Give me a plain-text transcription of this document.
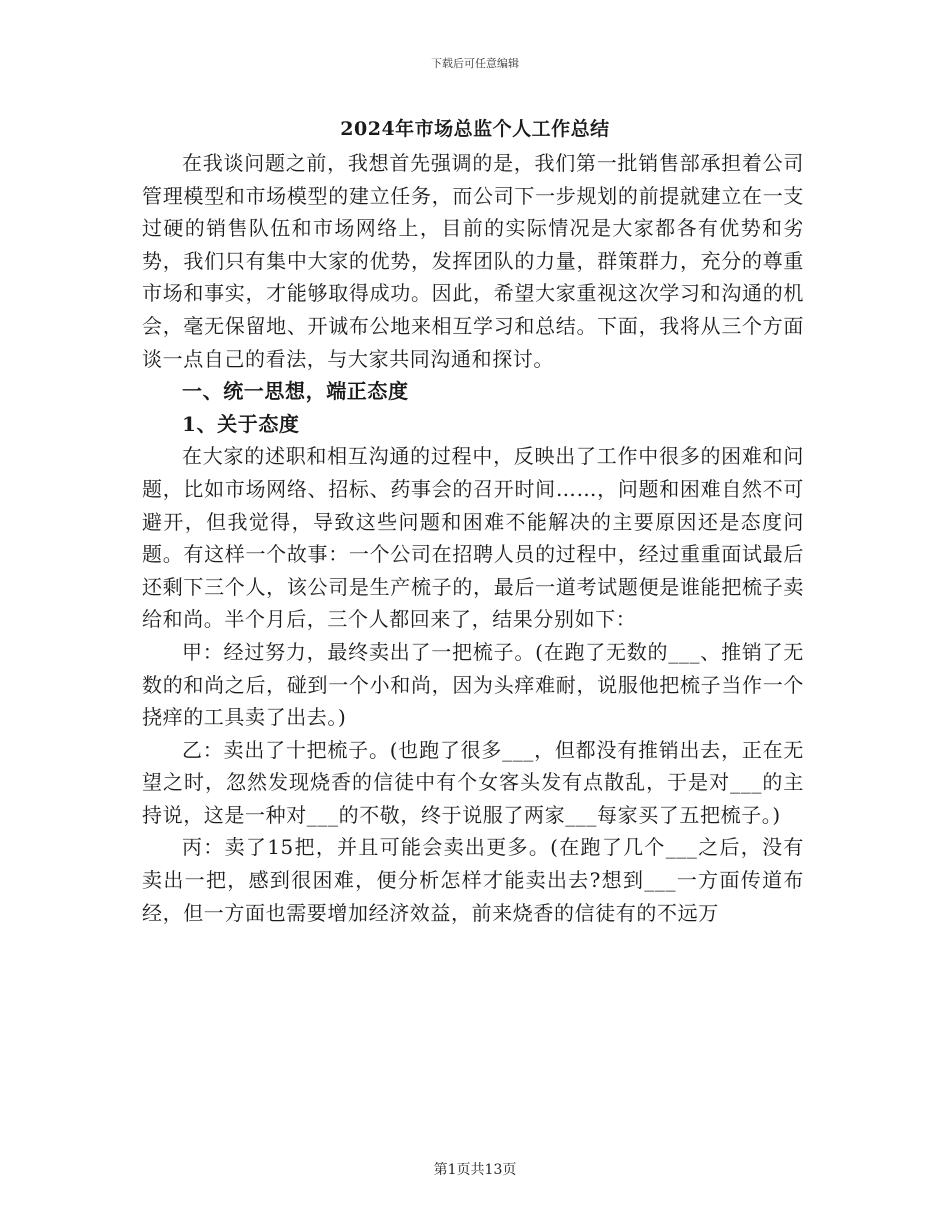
下载后可任意编辑
2024年市场总监个人工作总结

在我谈问题之前，我想首先强调的是，我们第一批销售部承担着公司管理模型和市场模型的建立任务，而公司下一步规划的前提就建立在一支过硬的销售队伍和市场网络上，目前的实际情况是大家都各有优势和劣势，我们只有集中大家的优势，发挥团队的力量，群策群力，充分的尊重市场和事实，才能够取得成功。因此，希望大家重视这次学习和沟通的机会，毫无保留地、开诚布公地来相互学习和总结。下面，我将从三个方面谈一点自己的看法，与大家共同沟通和探讨。

一、统一思想，端正态度

1、关于态度

在大家的述职和相互沟通的过程中，反映出了工作中很多的困难和问题，比如市场网络、招标、药事会的召开时间……，问题和困难自然不可避开，但我觉得，导致这些问题和困难不能解决的主要原因还是态度问题。有这样一个故事：一个公司在招聘人员的过程中，经过重重面试最后还剩下三个人，该公司是生产梳子的，最后一道考试题便是谁能把梳子卖给和尚。半个月后，三个人都回来了，结果分别如下：

甲：经过努力，最终卖出了一把梳子。(在跑了无数的___、推销了无数的和尚之后，碰到一个小和尚，因为头痒难耐，说服他把梳子当作一个挠痒的工具卖了出去。)

乙：卖出了十把梳子。(也跑了很多___，但都没有推销出去，正在无望之时，忽然发现烧香的信徒中有个女客头发有点散乱，于是对___的主持说，这是一种对___的不敬，终于说服了两家___每家买了五把梳子。)

丙：卖了15把，并且可能会卖出更多。(在跑了几个___之后，没有卖出一把，感到很困难，便分析怎样才能卖出去?想到___一方面传道布经，但一方面也需要增加经济效益，前来烧香的信徒有的不远万

第1页共13页
